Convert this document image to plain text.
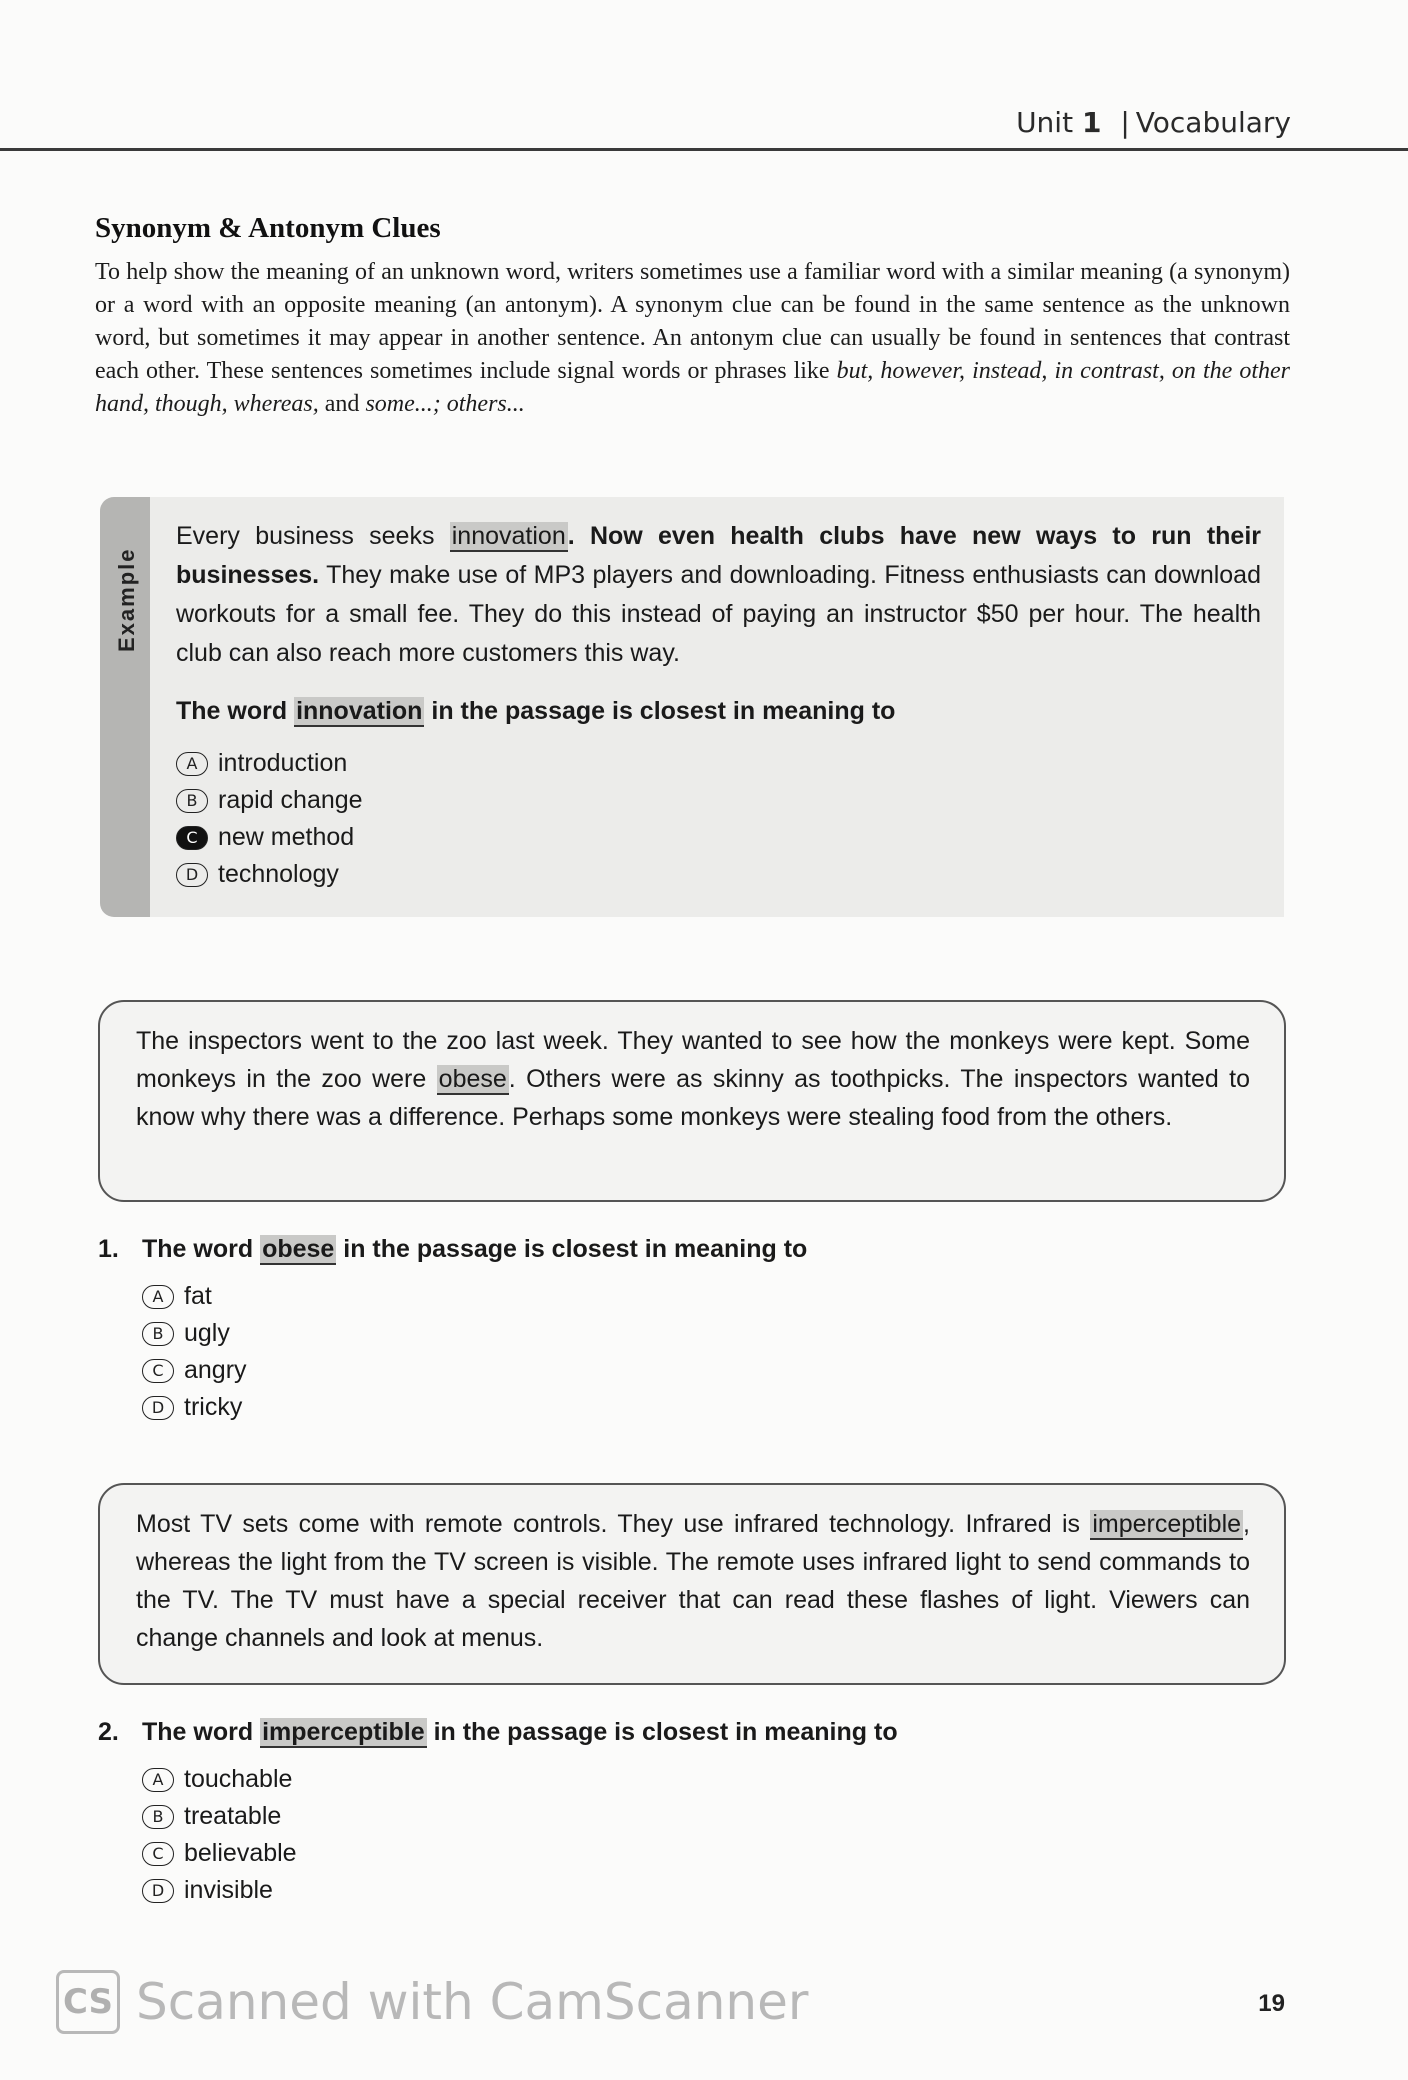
Unit 1 | Vocabulary
Synonym & Antonym Clues
To help show the meaning of an unknown word, writers sometimes use a familiar word with a similar meaning (a synonym) or a word with an opposite meaning (an antonym). A synonym clue can be found in the same sentence as the unknown word, but sometimes it may appear in another sentence. An antonym clue can usually be found in sentences that contrast each other. These sentences sometimes include signal words or phrases like but, however, instead, in contrast, on the other hand, though, whereas, and some...; others...
Example
Every business seeks innovation. Now even health clubs have new ways to run their businesses. They make use of MP3 players and downloading. Fitness enthusiasts can download workouts for a small fee. They do this instead of paying an instructor $50 per hour. The health club can also reach more customers this way.
The word innovation in the passage is closest in meaning to
A introduction
B rapid change
C new method
D technology
The inspectors went to the zoo last week. They wanted to see how the monkeys were kept. Some monkeys in the zoo were obese. Others were as skinny as toothpicks. The inspectors wanted to know why there was a difference. Perhaps some monkeys were stealing food from the others.
1. The word obese in the passage is closest in meaning to
A fat
B ugly
C angry
D tricky
Most TV sets come with remote controls. They use infrared technology. Infrared is imperceptible, whereas the light from the TV screen is visible. The remote uses infrared light to send commands to the TV. The TV must have a special receiver that can read these flashes of light. Viewers can change channels and look at menus.
2. The word imperceptible in the passage is closest in meaning to
A touchable
B treatable
C believable
D invisible
CS Scanned with CamScanner	19
